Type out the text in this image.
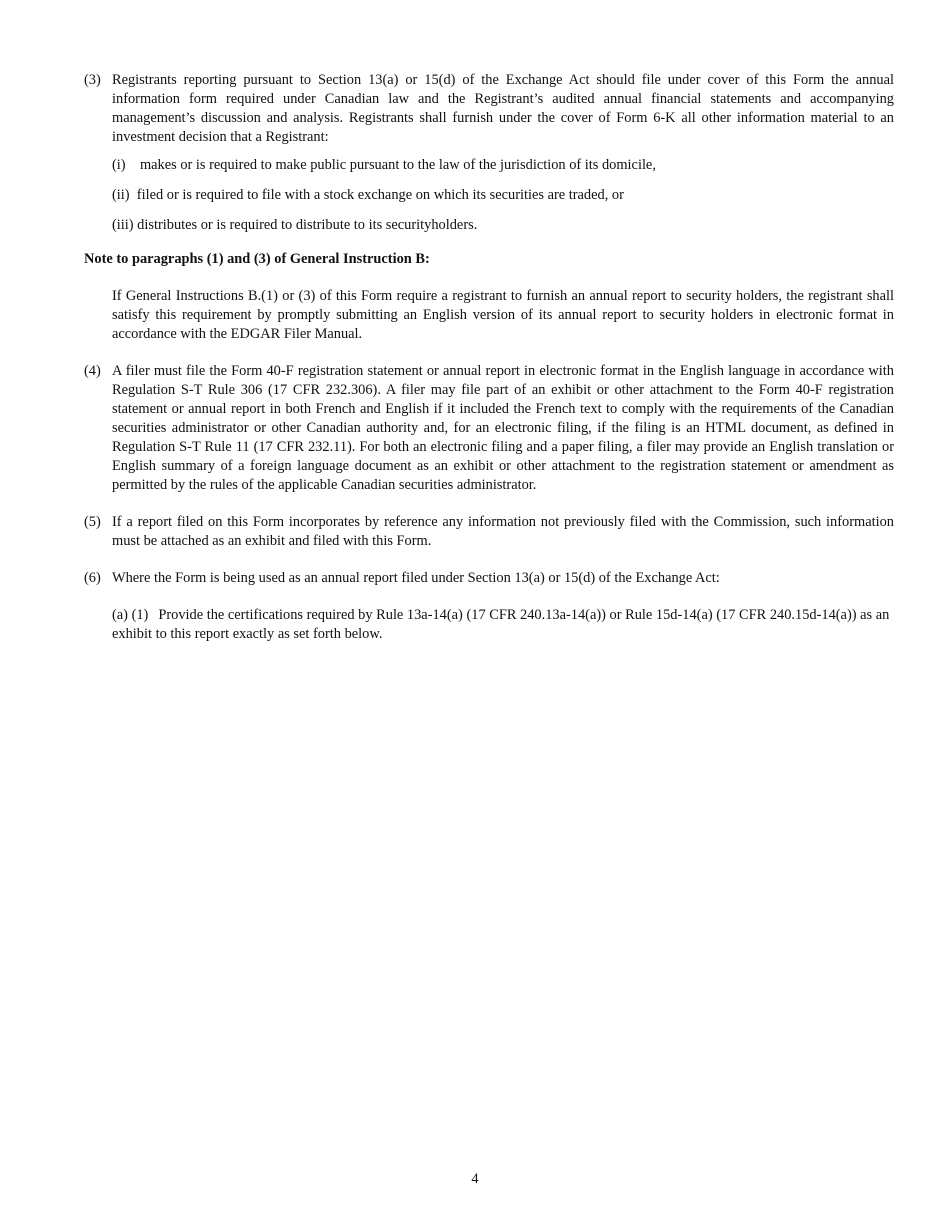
(3) Registrants reporting pursuant to Section 13(a) or 15(d) of the Exchange Act should file under cover of this Form the annual information form required under Canadian law and the Registrant’s audited annual financial statements and accompanying management’s discussion and analysis. Registrants shall furnish under the cover of Form 6-K all other information material to an investment decision that a Registrant:

(i) makes or is required to make public pursuant to the law of the jurisdiction of its domicile,
(ii) filed or is required to file with a stock exchange on which its securities are traded, or
(iii) distributes or is required to distribute to its securityholders.
Note to paragraphs (1) and (3) of General Instruction B:
If General Instructions B.(1) or (3) of this Form require a registrant to furnish an annual report to security holders, the registrant shall satisfy this requirement by promptly submitting an English version of its annual report to security holders in electronic format in accordance with the EDGAR Filer Manual.
(4) A filer must file the Form 40-F registration statement or annual report in electronic format in the English language in accordance with Regulation S-T Rule 306 (17 CFR 232.306). A filer may file part of an exhibit or other attachment to the Form 40-F registration statement or annual report in both French and English if it included the French text to comply with the requirements of the Canadian securities administrator or other Canadian authority and, for an electronic filing, if the filing is an HTML document, as defined in Regulation S-T Rule 11 (17 CFR 232.11). For both an electronic filing and a paper filing, a filer may provide an English translation or English summary of a foreign language document as an exhibit or other attachment to the registration statement or amendment as permitted by the rules of the applicable Canadian securities administrator.

(5) If a report filed on this Form incorporates by reference any information not previously filed with the Commission, such information must be attached as an exhibit and filed with this Form.

(6) Where the Form is being used as an annual report filed under Section 13(a) or 15(d) of the Exchange Act:

(a) (1) Provide the certifications required by Rule 13a-14(a) (17 CFR 240.13a-14(a)) or Rule 15d-14(a) (17 CFR 240.15d-14(a)) as an exhibit to this report exactly as set forth below.
4
